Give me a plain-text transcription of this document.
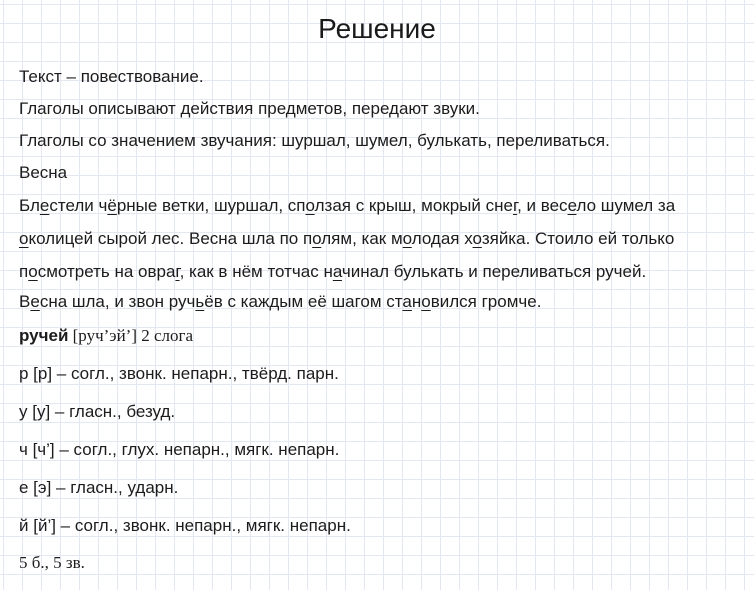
Решение
Текст – повествование.
Глаголы описывают действия предметов, передают звуки.
Глаголы со значением звучания: шуршал, шумел, булькать, переливаться.
Весна
Блестели чёрные ветки, шуршал, сползая с крыш, мокрый снег, и весело шумел за
околицей сырой лес. Весна шла по полям, как молодая хозяйка. Стоило ей только
посмотреть на овраг, как в нём тотчас начинал булькать и переливаться ручей.
Весна шла, и звон ручьёв с каждым её шагом становился громче.
ручей [руч’эй’] 2 слога
р [р] – согл., звонк. непарн., твёрд. парн.
у [у] – гласн., безуд.
ч [ч’] – согл., глух. непарн., мягк. непарн.
е [э] – гласн., ударн.
й [й’] – согл., звонк. непарн., мягк. непарн.
5 б., 5 зв.
